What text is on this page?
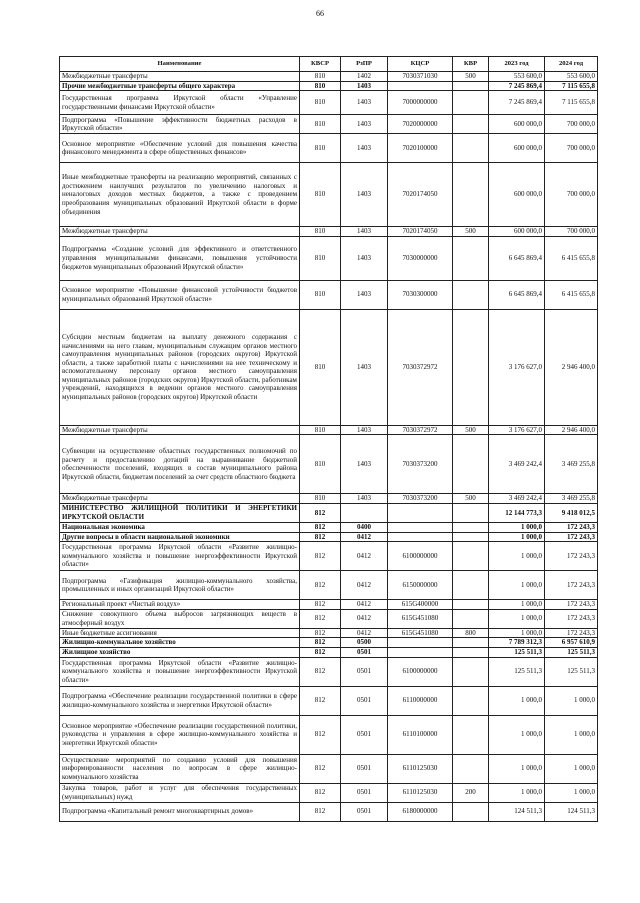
66
Наименование	КВСР	РзПР	КЦСР	КВР	2023 год	2024 год
Межбюджетные трансферты	810	1402	7030371030	500	553 600,0	553 600,0
Прочие межбюджетные трансферты общего характера	810	1403			7 245 869,4	7 115 655,8
Государственная программа Иркутской области «Управление государственными финансами Иркутской области»	810	1403	7000000000		7 245 869,4	7 115 655,8
Подпрограмма «Повышение эффективности бюджетных расходов в Иркутской области»	810	1403	7020000000		600 000,0	700 000,0
Основное мероприятие «Обеспечение условий для повышения качества финансового менеджмента в сфере общественных финансов»	810	1403	7020100000		600 000,0	700 000,0
Иные межбюджетные трансферты на реализацию мероприятий, связанных с достижением наилучших результатов по увеличению налоговых и неналоговых доходов местных бюджетов, а также с проведением преобразования муниципальных образований Иркутской области в форме объединения	810	1403	7020174050		600 000,0	700 000,0
Межбюджетные трансферты	810	1403	7020174050	500	600 000,0	700 000,0
Подпрограмма «Создание условий для эффективного и ответственного управления муниципальными финансами, повышения устойчивости бюджетов муниципальных образований Иркутской области»	810	1403	7030000000		6 645 869,4	6 415 655,8
Основное мероприятие «Повышение финансовой устойчивости бюджетов муниципальных образований Иркутской области»	810	1403	7030300000		6 645 869,4	6 415 655,8
Субсидии местным бюджетам на выплату денежного содержания с начислениями на него главам, муниципальным служащим органов местного самоуправления муниципальных районов (городских округов) Иркутской области, а также заработной платы с начислениями на нее техническому и вспомогательному персоналу органов местного самоуправления муниципальных районов (городских округов) Иркутской области, работникам учреждений, находящихся в ведении органов местного самоуправления муниципальных районов (городских округов) Иркутской области	810	1403	7030372972		3 176 627,0	2 946 400,0
Межбюджетные трансферты	810	1403	7030372972	500	3 176 627,0	2 946 400,0
Субвенции на осуществление областных государственных полномочий по расчету и предоставлению дотаций на выравнивание бюджетной обеспеченности поселений, входящих в состав муниципального района Иркутской области, бюджетам поселений за счет средств областного бюджета	810	1403	7030373200		3 469 242,4	3 469 255,8
Межбюджетные трансферты	810	1403	7030373200	500	3 469 242,4	3 469 255,8
МИНИСТЕРСТВО ЖИЛИЩНОЙ ПОЛИТИКИ И ЭНЕРГЕТИКИ ИРКУТСКОЙ ОБЛАСТИ	812				12 144 773,3	9 418 012,5
Национальная экономика	812	0400			1 000,0	172 243,3
Другие вопросы в области национальной экономики	812	0412			1 000,0	172 243,3
Государственная программа Иркутской области «Развитие жилищно-коммунального хозяйства и повышение энергоэффективности Иркутской области»	812	0412	6100000000		1 000,0	172 243,3
Подпрограмма «Газификация жилищно-коммунального хозяйства, промышленных и иных организаций Иркутской области»	812	0412	6150000000		1 000,0	172 243,3
Региональный проект «Чистый воздух»	812	0412	615G400000		1 000,0	172 243,3
Снижение совокупного объема выбросов загрязняющих веществ в атмосферный воздух	812	0412	615G451080		1 000,0	172 243,3
Иные бюджетные ассигнования	812	0412	615G451080	800	1 000,0	172 243,3
Жилищно-коммунальное хозяйство	812	0500			7 789 312,3	6 957 610,9
Жилищное хозяйство	812	0501			125 511,3	125 511,3
Государственная программа Иркутской области «Развитие жилищно-коммунального хозяйства и повышение энергоэффективности Иркутской области»	812	0501	6100000000		125 511,3	125 511,3
Подпрограмма «Обеспечение реализации государственной политики в сфере жилищно-коммунального хозяйства и энергетики Иркутской области»	812	0501	6110000000		1 000,0	1 000,0
Основное мероприятие «Обеспечение реализации государственной политики, руководства и управления в сфере жилищно-коммунального хозяйства и энергетики Иркутской области»	812	0501	6110100000		1 000,0	1 000,0
Осуществление мероприятий по созданию условий для повышения информированности населения по вопросам в сфере жилищно-коммунального хозяйства	812	0501	6110125030		1 000,0	1 000,0
Закупка товаров, работ и услуг для обеспечения государственных (муниципальных) нужд	812	0501	6110125030	200	1 000,0	1 000,0
Подпрограмма «Капитальный ремонт многоквартирных домов»	812	0501	6180000000		124 511,3	124 511,3
